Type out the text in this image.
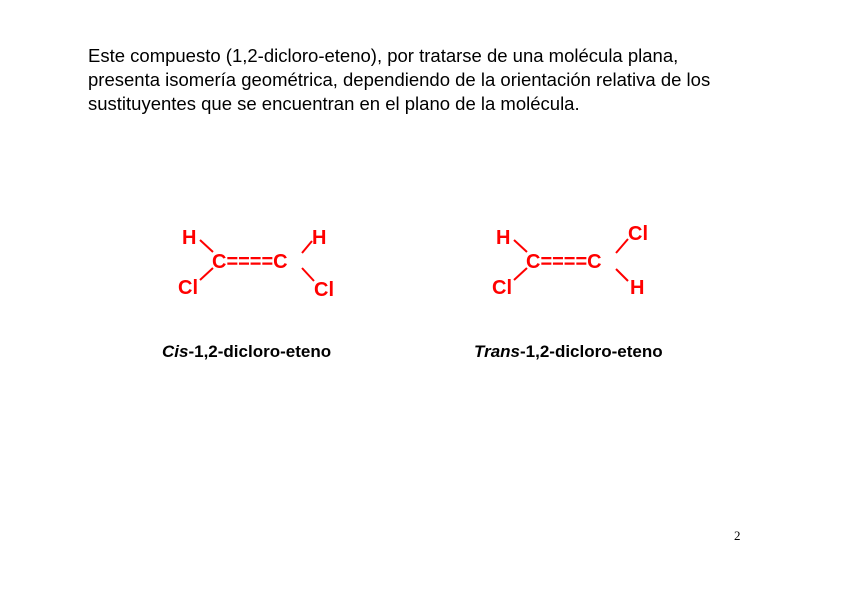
Este compuesto (1,2-dicloro-eteno), por tratarse de una molécula plana,
presenta isomería geométrica, dependiendo de la orientación relativa de los
sustituyentes que se encuentran en el plano de la molécula.

H
Cl
C====C
H
Cl
H
Cl
C====C
Cl
H

Cis-1,2-dicloro-eteno	Trans-1,2-dicloro-eteno

2
